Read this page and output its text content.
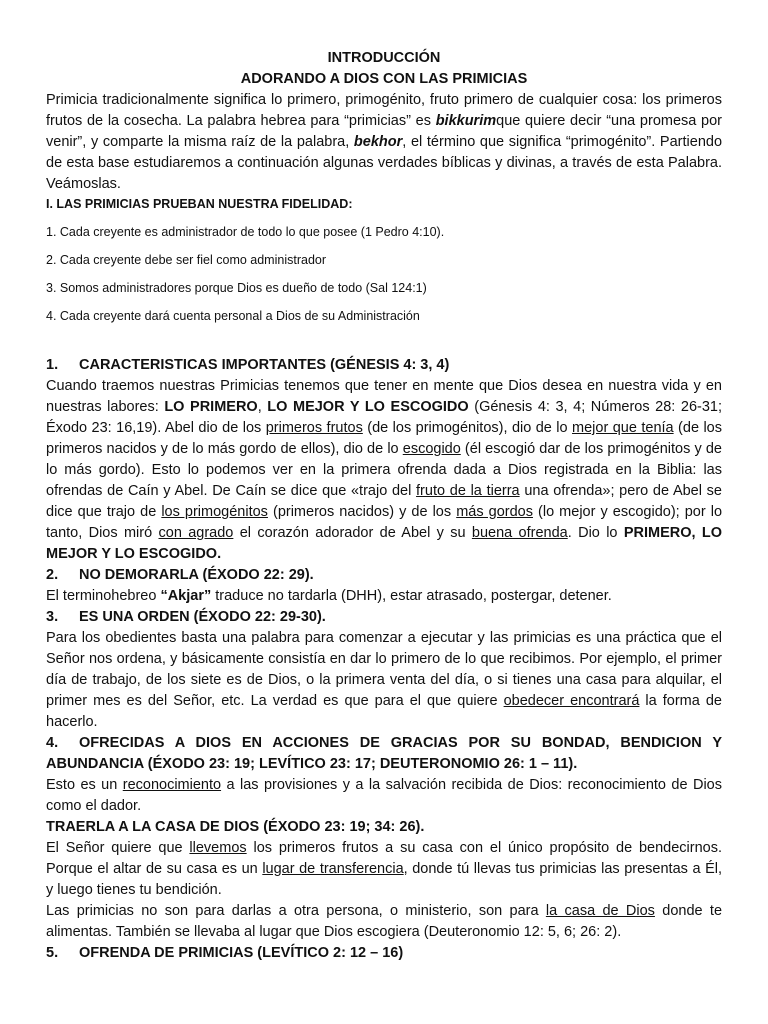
INTRODUCCIÓN
ADORANDO A DIOS CON LAS PRIMICIAS

Primicia tradicionalmente significa lo primero, primogénito, fruto primero de cualquier cosa: los primeros frutos de la cosecha. La palabra hebrea para “primicias” es bikkurimque quiere decir “una promesa por venir”, y comparte la misma raíz de la palabra, bekhor, el término que significa “primogénito”. Partiendo de esta base estudiaremos a continuación algunas verdades bíblicas y divinas, a través de esta Palabra. Veámoslas.

I. LAS PRIMICIAS PRUEBAN NUESTRA FIDELIDAD:

1. Cada creyente es administrador de todo lo que posee (1 Pedro 4:10).

2. Cada creyente debe ser fiel como administrador

3. Somos administradores porque Dios es dueño de todo (Sal 124:1)

4. Cada creyente dará cuenta personal a Dios de su Administración

1. CARACTERISTICAS IMPORTANTES (GÉNESIS 4: 3, 4)

Cuando traemos nuestras Primicias tenemos que tener en mente que Dios desea en nuestra vida y en nuestras labores: LO PRIMERO, LO MEJOR Y LO ESCOGIDO (Génesis 4: 3, 4; Números 28: 26-31; Éxodo 23: 16,19). Abel dio de los primeros frutos (de los primogénitos), dio de lo mejor que tenía (de los primeros nacidos y de lo más gordo de ellos), dio de lo escogido (él escogió dar de los primogénitos y de lo más gordo). Esto lo podemos ver en la primera ofrenda dada a Dios registrada en la Biblia: las ofrendas de Caín y Abel. De Caín se dice que «trajo del fruto de la tierra una ofrenda»; pero de Abel se dice que trajo de los primogénitos (primeros nacidos) y de los más gordos (lo mejor y escogido); por lo tanto, Dios miró con agrado el corazón adorador de Abel y su buena ofrenda. Dio lo PRIMERO, LO MEJOR Y LO ESCOGIDO.

2. NO DEMORARLA (ÉXODO 22: 29).

El terminohebreo “Akjar” traduce no tardarla (DHH), estar atrasado, postergar, detener.

3. ES UNA ORDEN (ÉXODO 22: 29-30).

Para los obedientes basta una palabra para comenzar a ejecutar y las primicias es una práctica que el Señor nos ordena, y básicamente consistía en dar lo primero de lo que recibimos. Por ejemplo, el primer día de trabajo, de los siete es de Dios, o la primera venta del día, o si tienes una casa para alquilar, el primer mes es del Señor, etc. La verdad es que para el que quiere obedecer encontrará la forma de hacerlo.

4. OFRECIDAS A DIOS EN ACCIONES DE GRACIAS POR SU BONDAD, BENDICION Y ABUNDANCIA (ÉXODO 23: 19; LEVÍTICO 23: 17; DEUTERONOMIO 26: 1 – 11).

Esto es un reconocimiento a las provisiones y a la salvación recibida de Dios: reconocimiento de Dios como el dador.

TRAERLA A LA CASA DE DIOS (ÉXODO 23: 19; 34: 26).

El Señor quiere que llevemos los primeros frutos a su casa con el único propósito de bendecirnos. Porque el altar de su casa es un lugar de transferencia, donde tú llevas tus primicias las presentas a Él, y luego tienes tu bendición.

Las primicias no son para darlas a otra persona, o ministerio, son para la casa de Dios donde te alimentas. También se llevaba al lugar que Dios escogiera (Deuteronomio 12: 5, 6; 26: 2).

5. OFRENDA DE PRIMICIAS (LEVÍTICO 2: 12 – 16)
